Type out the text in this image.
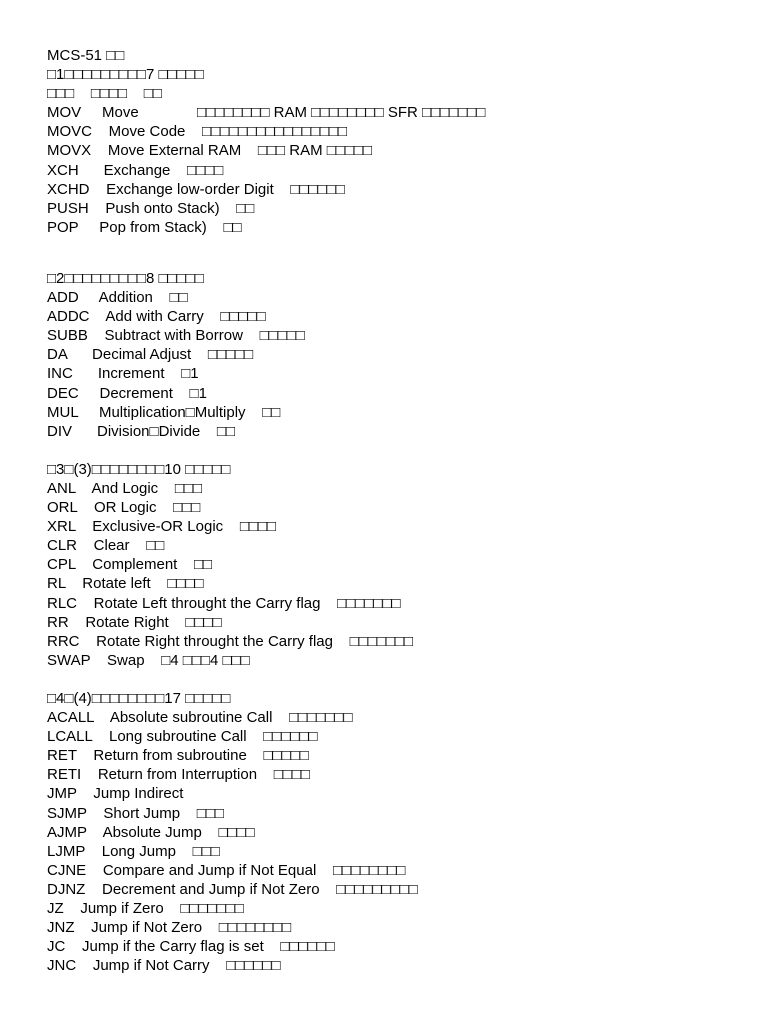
MCS-51 □□
□1□□□□□□□□□7 □□□□□
□□□    □□□□    □□
MOV     Move              □□□□□□□□ RAM □□□□□□□□ SFR □□□□□□□
MOVC    Move Code    □□□□□□□□□□□□□□□□
MOVX    Move External RAM    □□□ RAM □□□□□
XCH      Exchange    □□□□
XCHD    Exchange low-order Digit    □□□□□□
PUSH    Push onto Stack)    □□
POP     Pop from Stack)    □□
□2□□□□□□□□□8 □□□□□
ADD     Addition    □□
ADDC    Add with Carry    □□□□□
SUBB    Subtract with Borrow    □□□□□
DA      Decimal Adjust    □□□□□
INC      Increment    □1
DEC     Decrement    □1
MUL     Multiplication□Multiply    □□
DIV      Division□Divide    □□
□3□(3)□□□□□□□□10 □□□□□
ANL    And Logic    □□□
ORL    OR Logic    □□□
XRL    Exclusive-OR Logic    □□□□
CLR    Clear    □□
CPL    Complement    □□
RL    Rotate left    □□□□
RLC    Rotate Left throught the Carry flag    □□□□□□□
RR    Rotate Right    □□□□
RRC    Rotate Right throught the Carry flag    □□□□□□□
SWAP    Swap    □4 □□□4 □□□
□4□(4)□□□□□□□□17 □□□□□
ACALL    Absolute subroutine Call    □□□□□□□
LCALL    Long subroutine Call    □□□□□□
RET    Return from subroutine    □□□□□
RETI    Return from Interruption    □□□□
JMP    Jump Indirect
SJMP    Short Jump    □□□
AJMP    Absolute Jump    □□□□
LJMP    Long Jump    □□□
CJNE    Compare and Jump if Not Equal    □□□□□□□□
DJNZ    Decrement and Jump if Not Zero    □□□□□□□□□
JZ    Jump if Zero    □□□□□□□
JNZ    Jump if Not Zero    □□□□□□□□
JC    Jump if the Carry flag is set    □□□□□□
JNC    Jump if Not Carry    □□□□□□
